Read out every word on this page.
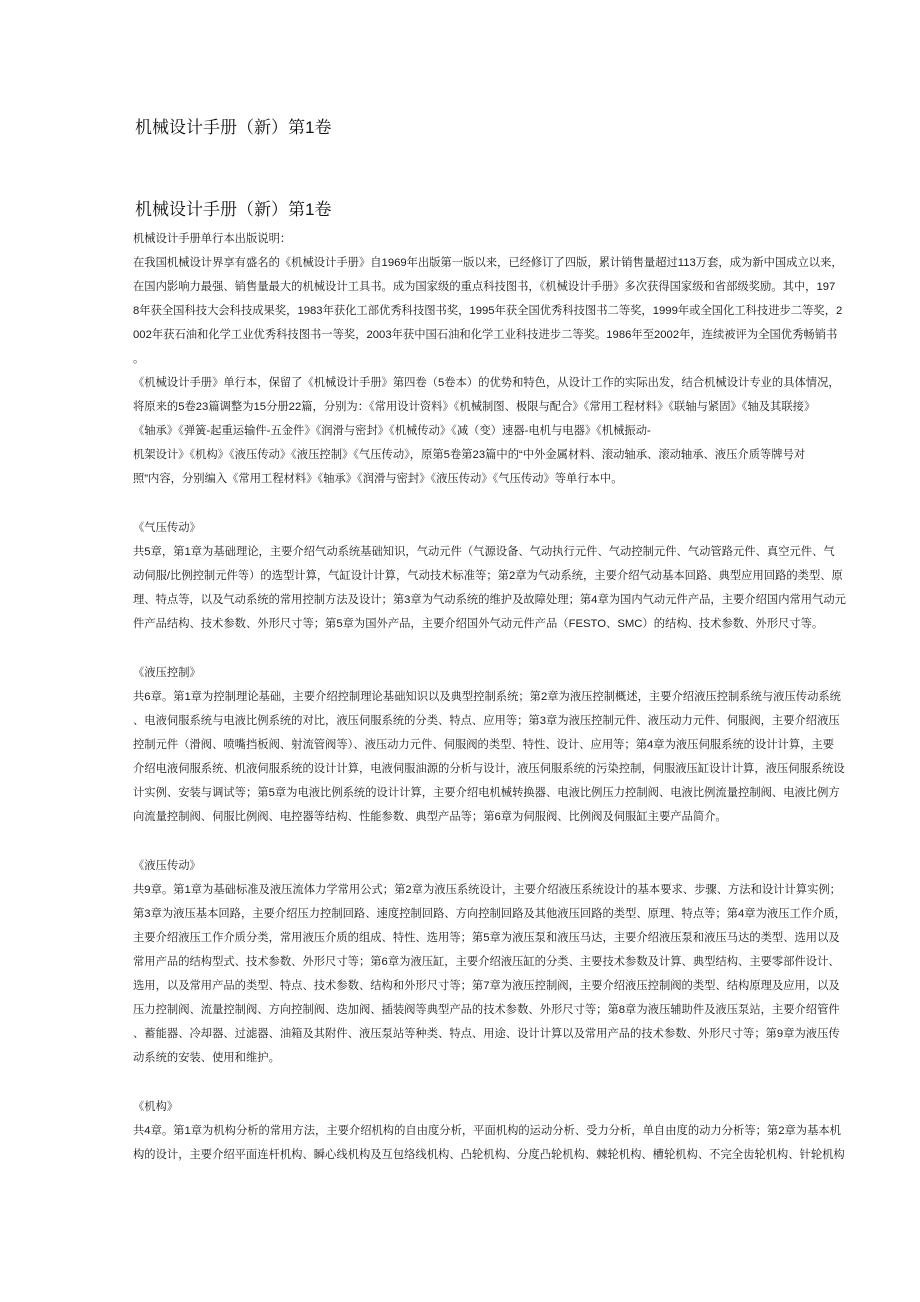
机械设计手册（新）第1卷
机械设计手册（新）第1卷
机械设计手册单行本出版说明：
在我国机械设计界享有盛名的《机械设计手册》自1969年出版第一版以来，已经修订了四版，累计销售量超过113万套，成为新中国成立以来，
在国内影响力最强、销售量最大的机械设计工具书。成为国家级的重点科技图书，《机械设计手册》多次获得国家级和省部级奖励。其中，197
8年获全国科技大会科技成果奖，1983年获化工部优秀科技图书奖，1995年获全国优秀科技图书二等奖，1999年或全国化工科技进步二等奖，2
002年获石油和化学工业优秀科技图书一等奖，2003年获中国石油和化学工业科技进步二等奖。1986年至2002年，连续被评为全国优秀畅销书
。
《机械设计手册》单行本，保留了《机械设计手册》第四卷（5卷本）的优势和特色，从设计工作的实际出发，结合机械设计专业的具体情况，
将原来的5卷23篇调整为15分册22篇，分别为：《常用设计资料》《机械制图、极限与配合》《常用工程材料》《联轴与紧固》《轴及其联接》
《轴承》《弹簧-起重运输件-五金件》《润滑与密封》《机械传动》《减（变）速器-电机与电器》《机械振动-
机架设计》《机构》《液压传动》《液压控制》《气压传动》，原第5卷第23篇中的“中外金属材料、滚动轴承、滚动轴承、液压介质等牌号对
照”内容，分别编入《常用工程材料》《轴承》《润滑与密封》《液压传动》《气压传动》等单行本中。
《气压传动》
共5章，第1章为基础理论，主要介绍气动系统基础知识，气动元件（气源设备、气动执行元件、气动控制元件、气动管路元件、真空元件、气
动伺服/比例控制元件等）的选型计算，气缸设计计算，气动技术标准等；第2章为气动系统，主要介绍气动基本回路、典型应用回路的类型、原
理、特点等，以及气动系统的常用控制方法及设计；第3章为气动系统的维护及故障处理；第4章为国内气动元件产品，主要介绍国内常用气动元
件产品结构、技术参数、外形尺寸等；第5章为国外产品，主要介绍国外气动元件产品（FESTO、SMC）的结构、技术参数、外形尺寸等。
《液压控制》
共6章。第1章为控制理论基础，主要介绍控制理论基础知识以及典型控制系统；第2章为液压控制概述，主要介绍液压控制系统与液压传动系统
、电液伺服系统与电液比例系统的对比，液压伺服系统的分类、特点、应用等；第3章为液压控制元件、液压动力元件、伺服阀，主要介绍液压
控制元件（滑阀、喷嘴挡板阀、射流管阀等）、液压动力元件、伺服阀的类型、特性、设计、应用等；第4章为液压伺服系统的设计计算，主要
介绍电液伺服系统、机液伺服系统的设计计算，电液伺服油源的分析与设计，液压伺服系统的污染控制，伺服液压缸设计计算，液压伺服系统设
计实例、安装与调试等；第5章为电液比例系统的设计计算，主要介绍电机械转换器、电液比例压力控制阀、电液比例流量控制阀、电液比例方
向流量控制阀、伺服比例阀、电控器等结构、性能参数、典型产品等；第6章为伺服阀、比例阀及伺服缸主要产品简介。
《液压传动》
共9章。第1章为基础标准及液压流体力学常用公式；第2章为液压系统设计，主要介绍液压系统设计的基本要求、步骤、方法和设计计算实例；
第3章为液压基本回路，主要介绍压力控制回路、速度控制回路、方向控制回路及其他液压回路的类型、原理、特点等；第4章为液压工作介质，
主要介绍液压工作介质分类，常用液压介质的组成、特性、选用等；第5章为液压泵和液压马达，主要介绍液压泵和液压马达的类型、选用以及
常用产品的结构型式、技术参数、外形尺寸等；第6章为液压缸，主要介绍液压缸的分类、主要技术参数及计算、典型结构、主要零部件设计、
选用，以及常用产品的类型、特点、技术参数、结构和外形尺寸等；第7章为液压控制阀，主要介绍液压控制阀的类型、结构原理及应用，以及
压力控制阀、流量控制阀、方向控制阀、迭加阀、插装阀等典型产品的技术参数、外形尺寸等；第8章为液压辅助件及液压泵站，主要介绍管件
、蓄能器、冷却器、过滤器、油箱及其附件、液压泵站等种类、特点、用途、设计计算以及常用产品的技术参数、外形尺寸等；第9章为液压传
动系统的安装、使用和维护。
《机构》
共4章。第1章为机构分析的常用方法，主要介绍机构的自由度分析，平面机构的运动分析、受力分析，单自由度的动力分析等；第2章为基本机
构的设计，主要介绍平面连杆机构、瞬心线机构及互包络线机构、凸轮机构、分度凸轮机构、棘轮机构、槽轮机构、不完全齿轮机构、针轮机构
